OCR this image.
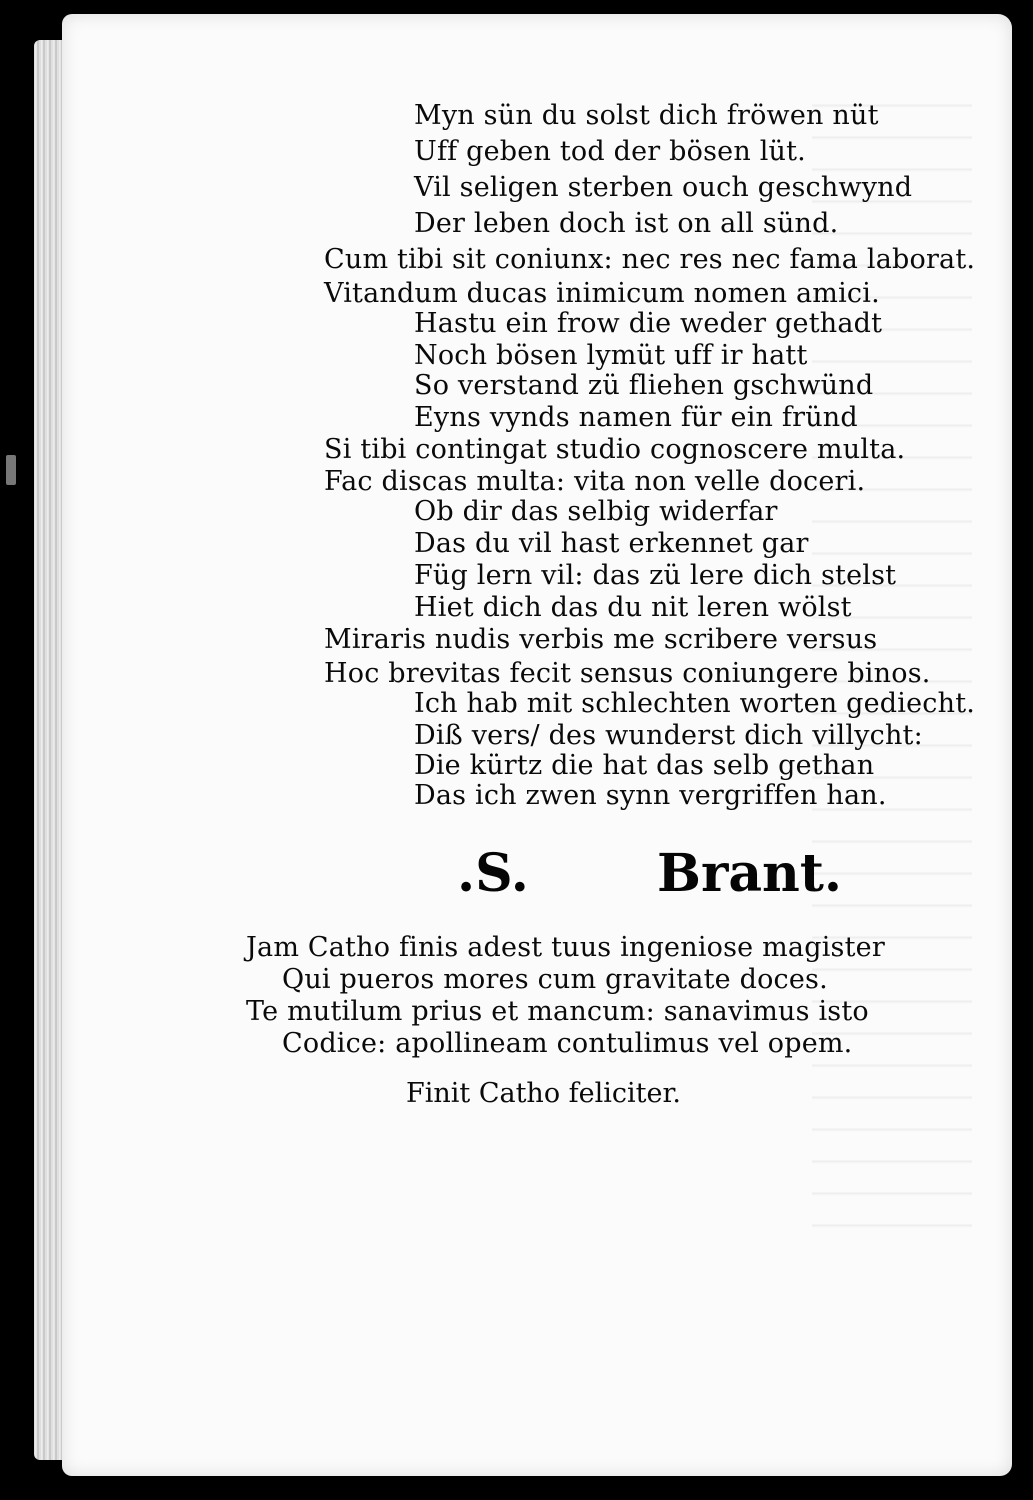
Myn sün du solst dich fröwen nüt
Uff geben tod der bösen lüt.
Vil seligen sterben ouch geschwynd
Der leben doch ist on all sünd.
Cum tibi sit coniunx: nec res nec fama laborat.
Vitandum ducas inimicum nomen amici.
Hastu ein frow die weder gethadt
Noch bösen lymüt uff ir hatt
So verstand zü fliehen gschwünd
Eyns vynds namen für ein fründ
Si tibi contingat studio cognoscere multa.
Fac discas multa: vita non velle doceri.
Ob dir das selbig widerfar
Das du vil hast erkennet gar
Füg lern vil: das zü lere dich stelst
Hiet dich das du nit leren wölst
Miraris nudis verbis me scribere versus
Hoc brevitas fecit sensus coniungere binos.
Ich hab mit schlechten worten gediecht.
Diß vers/ des wunderst dich villycht:
Die kürtz die hat das selb gethan
Das ich zwen synn vergriffen han.
.S. Brant.
Jam Catho finis adest tuus ingeniose magister
Qui pueros mores cum gravitate doces.
Te mutilum prius et mancum: sanavimus isto
Codice: apollineam contulimus vel opem.
Finit Catho feliciter.
